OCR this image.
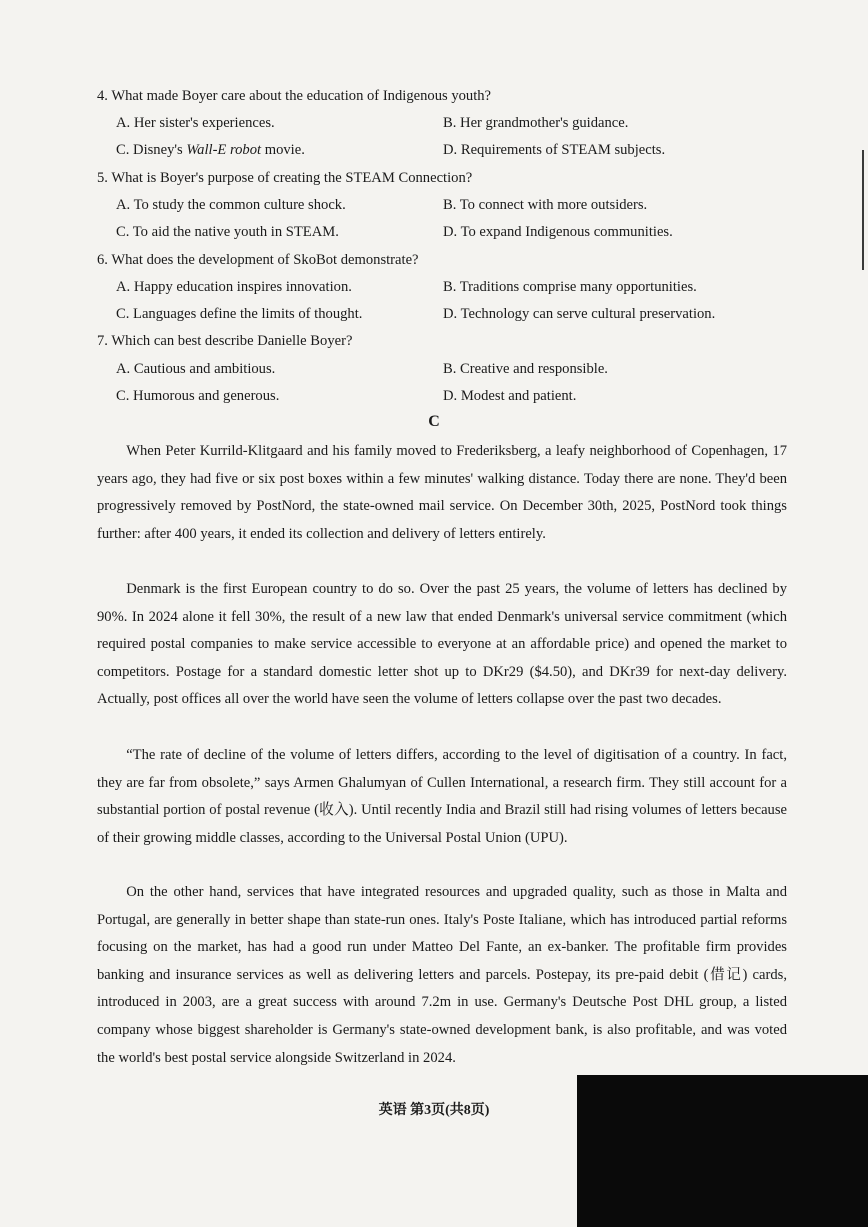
4. What made Boyer care about the education of Indigenous youth?
A. Her sister's experiences.	B. Her grandmother's guidance.
C. Disney's Wall-E robot movie.	D. Requirements of STEAM subjects.
5. What is Boyer's purpose of creating the STEAM Connection?
A. To study the common culture shock.	B. To connect with more outsiders.
C. To aid the native youth in STEAM.	D. To expand Indigenous communities.
6. What does the development of SkoBot demonstrate?
A. Happy education inspires innovation.	B. Traditions comprise many opportunities.
C. Languages define the limits of thought.	D. Technology can serve cultural preservation.
7. Which can best describe Danielle Boyer?
A. Cautious and ambitious.	B. Creative and responsible.
C. Humorous and generous.	D. Modest and patient.
C
When Peter Kurrild-Klitgaard and his family moved to Frederiksberg, a leafy neighborhood of Copenhagen, 17 years ago, they had five or six post boxes within a few minutes' walking distance. Today there are none. They'd been progressively removed by PostNord, the state-owned mail service. On December 30th, 2025, PostNord took things further: after 400 years, it ended its collection and delivery of letters entirely.
Denmark is the first European country to do so. Over the past 25 years, the volume of letters has declined by 90%. In 2024 alone it fell 30%, the result of a new law that ended Denmark's universal service commitment (which required postal companies to make service accessible to everyone at an affordable price) and opened the market to competitors. Postage for a standard domestic letter shot up to DKr29 ($4.50), and DKr39 for next-day delivery. Actually, post offices all over the world have seen the volume of letters collapse over the past two decades.
“The rate of decline of the volume of letters differs, according to the level of digitisation of a country. In fact, they are far from obsolete,” says Armen Ghalumyan of Cullen International, a research firm. They still account for a substantial portion of postal revenue (收入). Until recently India and Brazil still had rising volumes of letters because of their growing middle classes, according to the Universal Postal Union (UPU).
On the other hand, services that have integrated resources and upgraded quality, such as those in Malta and Portugal, are generally in better shape than state-run ones. Italy's Poste Italiane, which has introduced partial reforms focusing on the market, has had a good run under Matteo Del Fante, an ex-banker. The profitable firm provides banking and insurance services as well as delivering letters and parcels. Postepay, its pre-paid debit (借记) cards, introduced in 2003, are a great success with around 7.2m in use. Germany's Deutsche Post DHL group, a listed company whose biggest shareholder is Germany's state-owned development bank, is also profitable, and was voted the world's best postal service alongside Switzerland in 2024.
英语 第3页(共8页)
